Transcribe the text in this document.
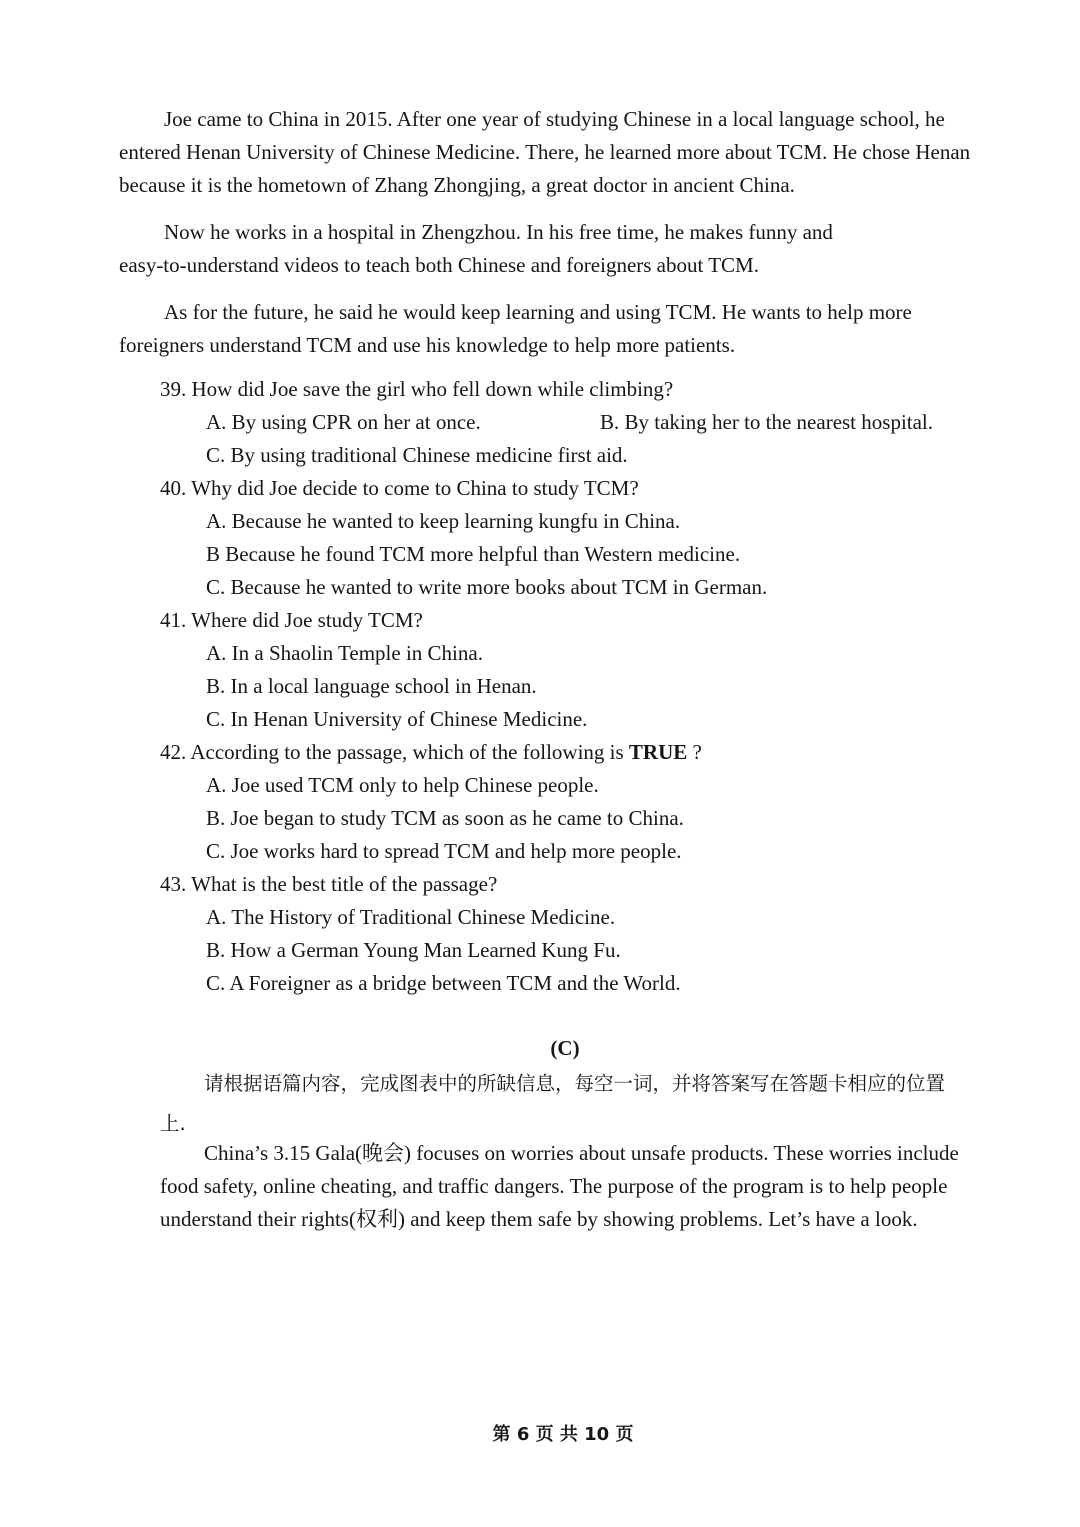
Joe came to China in 2015. After one year of studying Chinese in a local language school, he
entered Henan University of Chinese Medicine. There, he learned more about TCM. He chose Henan
because it is the hometown of Zhang Zhongjing, a great doctor in ancient China.
Now he works in a hospital in Zhengzhou. In his free time, he makes funny and
easy-to-understand videos to teach both Chinese and foreigners about TCM.
As for the future, he said he would keep learning and using TCM. He wants to help more
foreigners understand TCM and use his knowledge to help more patients.
39. How did Joe save the girl who fell down while climbing?
A. By using CPR on her at once.	B. By taking her to the nearest hospital.
C. By using traditional Chinese medicine first aid.
40. Why did Joe decide to come to China to study TCM?
A. Because he wanted to keep learning kungfu in China.
B Because he found TCM more helpful than Western medicine.
C. Because he wanted to write more books about TCM in German.
41. Where did Joe study TCM?
A. In a Shaolin Temple in China.
B. In a local language school in Henan.
C. In Henan University of Chinese Medicine.
42. According to the passage, which of the following is TRUE ?
A. Joe used TCM only to help Chinese people.
B. Joe began to study TCM as soon as he came to China.
C. Joe works hard to spread TCM and help more people.
43. What is the best title of the passage?
A. The History of Traditional Chinese Medicine.
B. How a German Young Man Learned Kung Fu.
C. A Foreigner as a bridge between TCM and the World.
(C)
请根据语篇内容，完成图表中的所缺信息，每空一词，并将答案写在答题卡相应的位置
上.
China’s 3.15 Gala(晚会) focuses on worries about unsafe products. These worries include
food safety, online cheating, and traffic dangers. The purpose of the program is to help people
understand their rights(权利) and keep them safe by showing problems. Let’s have a look.
第 6 页 共 10 页
